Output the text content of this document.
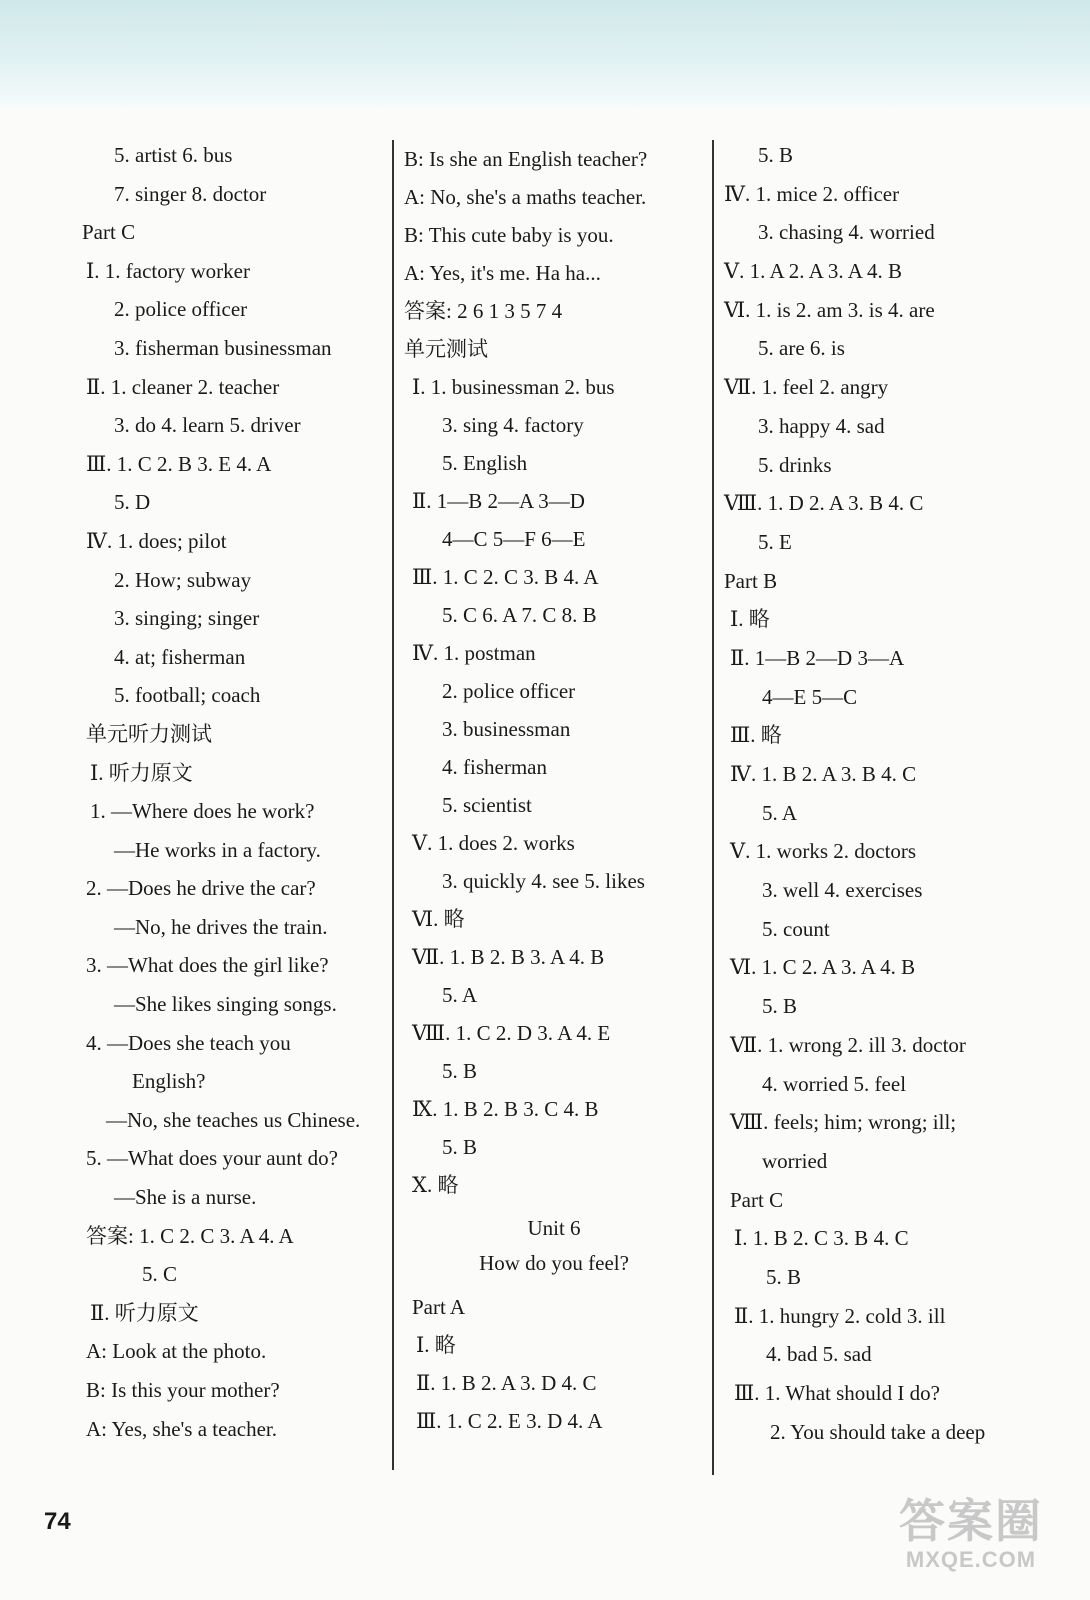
5. artist 6. bus
7. singer 8. doctor
Part C
Ⅰ. 1. factory worker
2. police officer
3. fisherman businessman
Ⅱ. 1. cleaner 2. teacher
3. do 4. learn 5. driver
Ⅲ. 1. C 2. B 3. E 4. A
5. D
Ⅳ. 1. does; pilot
2. How; subway
3. singing; singer
4. at; fisherman
5. football; coach
单元听力测试
Ⅰ. 听力原文
1. —Where does he work?
—He works in a factory.
2. —Does he drive the car?
—No, he drives the train.
3. —What does the girl like?
—She likes singing songs.
4. —Does she teach you
English?
—No, she teaches us Chinese.
5. —What does your aunt do?
—She is a nurse.
答案: 1. C 2. C 3. A 4. A
5. C
Ⅱ. 听力原文
A: Look at the photo.
B: Is this your mother?
A: Yes, she's a teacher.
B: Is she an English teacher?
A: No, she's a maths teacher.
B: This cute baby is you.
A: Yes, it's me. Ha ha...
答案: 2 6 1 3 5 7 4
单元测试
Ⅰ. 1. businessman 2. bus
3. sing 4. factory
5. English
Ⅱ. 1—B 2—A 3—D
4—C 5—F 6—E
Ⅲ. 1. C 2. C 3. B 4. A
5. C 6. A 7. C 8. B
Ⅳ. 1. postman
2. police officer
3. businessman
4. fisherman
5. scientist
Ⅴ. 1. does 2. works
3. quickly 4. see 5. likes
Ⅵ. 略
Ⅶ. 1. B 2. B 3. A 4. B
5. A
Ⅷ. 1. C 2. D 3. A 4. E
5. B
Ⅸ. 1. B 2. B 3. C 4. B
5. B
Ⅹ. 略
Unit 6
How do you feel?
Part A
Ⅰ. 略
Ⅱ. 1. B 2. A 3. D 4. C
Ⅲ. 1. C 2. E 3. D 4. A
5. B
Ⅳ. 1. mice 2. officer
3. chasing 4. worried
Ⅴ. 1. A 2. A 3. A 4. B
Ⅵ. 1. is 2. am 3. is 4. are
5. are 6. is
Ⅶ. 1. feel 2. angry
3. happy 4. sad
5. drinks
Ⅷ. 1. D 2. A 3. B 4. C
5. E
Part B
Ⅰ. 略
Ⅱ. 1—B 2—D 3—A
4—E 5—C
Ⅲ. 略
Ⅳ. 1. B 2. A 3. B 4. C
5. A
Ⅴ. 1. works 2. doctors
3. well 4. exercises
5. count
Ⅵ. 1. C 2. A 3. A 4. B
5. B
Ⅶ. 1. wrong 2. ill 3. doctor
4. worried 5. feel
Ⅷ. feels; him; wrong; ill;
worried
Part C
Ⅰ. 1. B 2. C 3. B 4. C
5. B
Ⅱ. 1. hungry 2. cold 3. ill
4. bad 5. sad
Ⅲ. 1. What should I do?
2. You should take a deep
74	答案圈
MXQE.COM
